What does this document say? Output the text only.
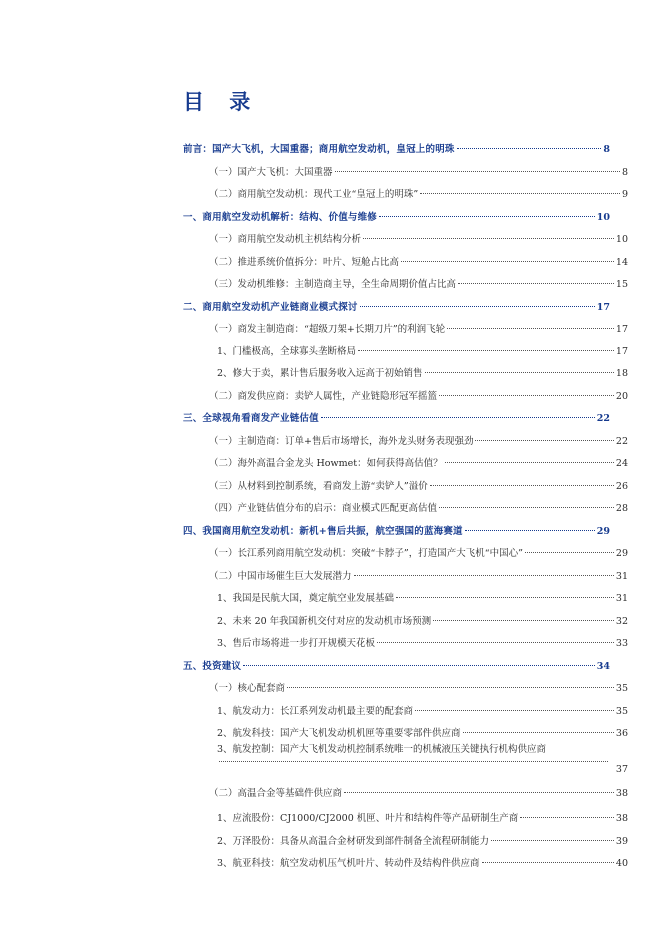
目 录
前言：国产大飞机，大国重器；商用航空发动机，皇冠上的明珠	8
（一）国产大飞机：大国重器	8
（二）商用航空发动机：现代工业“皇冠上的明珠”	9
一、商用航空发动机解析：结构、价值与维修	10
（一）商用航空发动机主机结构分析	10
（二）推进系统价值拆分：叶片、短舱占比高	14
（三）发动机维修：主制造商主导，全生命周期价值占比高	15
二、商用航空发动机产业链商业模式探讨	17
（一）商发主制造商：“超级刀架+长期刀片”的利润飞轮	17
1、门槛极高，全球寡头垄断格局	17
2、修大于卖，累计售后服务收入远高于初始销售	18
（二）商发供应商：卖铲人属性，产业链隐形冠军摇篮	20
三、全球视角看商发产业链估值	22
（一）主制造商：订单+售后市场增长，海外龙头财务表现强劲	22
（二）海外高温合金龙头 Howmet：如何获得高估值？	24
（三）从材料到控制系统，看商发上游“卖铲人”溢价	26
（四）产业链估值分布的启示：商业模式匹配更高估值	28
四、我国商用航空发动机：新机+售后共振，航空强国的蓝海赛道	29
（一）长江系列商用航空发动机：突破“卡脖子”，打造国产大飞机“中国心”	29
（二）中国市场催生巨大发展潜力	31
1、我国是民航大国，奠定航空业发展基础	31
2、未来 20 年我国新机交付对应的发动机市场预测	32
3、售后市场将进一步打开规模天花板	33
五、投资建议	34
（一）核心配套商	35
1、航发动力：长江系列发动机最主要的配套商	35
2、航发科技：国产大飞机发动机机匣等重要零部件供应商	36
3、航发控制：国产大飞机发动机控制系统唯一的机械液压关键执行机构供应商
37
（二）高温合金等基础件供应商	38
1、应流股份：CJ1000/CJ2000 机匣、叶片和结构件等产品研制生产商	38
2、万泽股份：具备从高温合金材研发到部件制备全流程研制能力	39
3、航亚科技：航空发动机压气机叶片、转动件及结构件供应商	40
